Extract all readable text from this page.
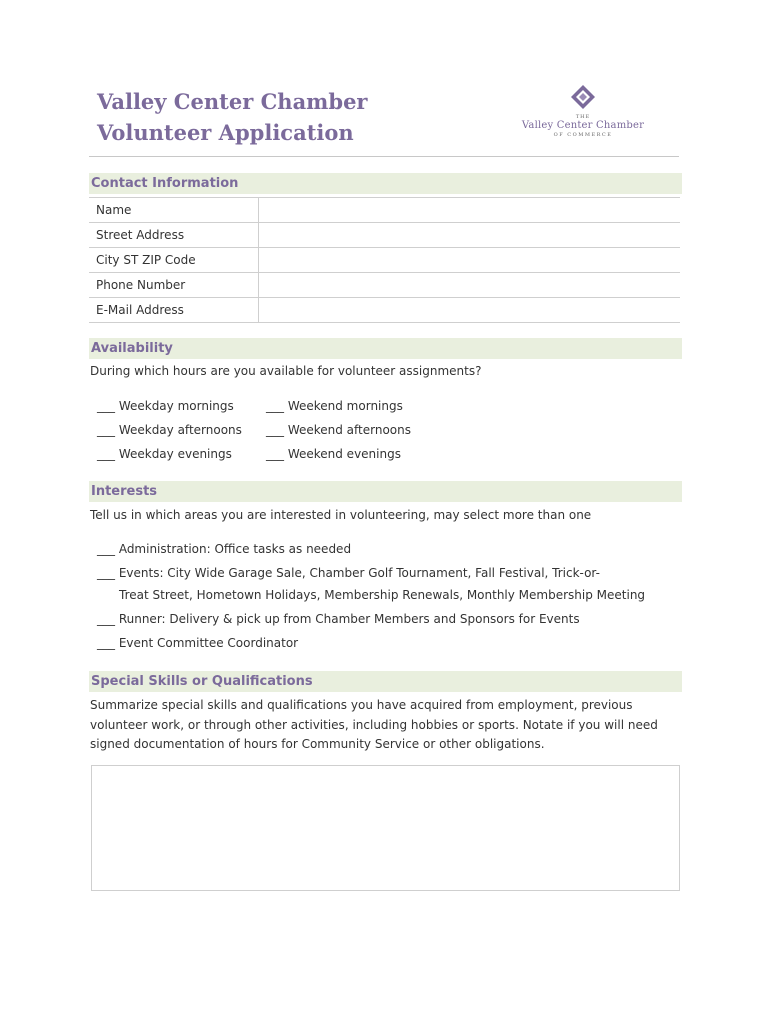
Valley Center Chamber
Volunteer Application
THE
Valley Center Chamber
OF COMMERCE
Contact Information
Name	
Street Address	
City ST ZIP Code	
Phone Number	
E-Mail Address	
Availability
During which hours are you available for volunteer assignments?
___ Weekday mornings
___ Weekday afternoons
___ Weekday evenings
___ Weekend mornings
___ Weekend afternoons
___ Weekend evenings
Interests
Tell us in which areas you are interested in volunteering, may select more than one
___ Administration: Office tasks as needed
___ Events: City Wide Garage Sale, Chamber Golf Tournament, Fall Festival, Trick-or-
Treat Street, Hometown Holidays, Membership Renewals, Monthly Membership Meeting
___ Runner: Delivery & pick up from Chamber Members and Sponsors for Events
___ Event Committee Coordinator
Special Skills or Qualifications
Summarize special skills and qualifications you have acquired from employment, previous
volunteer work, or through other activities, including hobbies or sports. Notate if you will need
signed documentation of hours for Community Service or other obligations.
